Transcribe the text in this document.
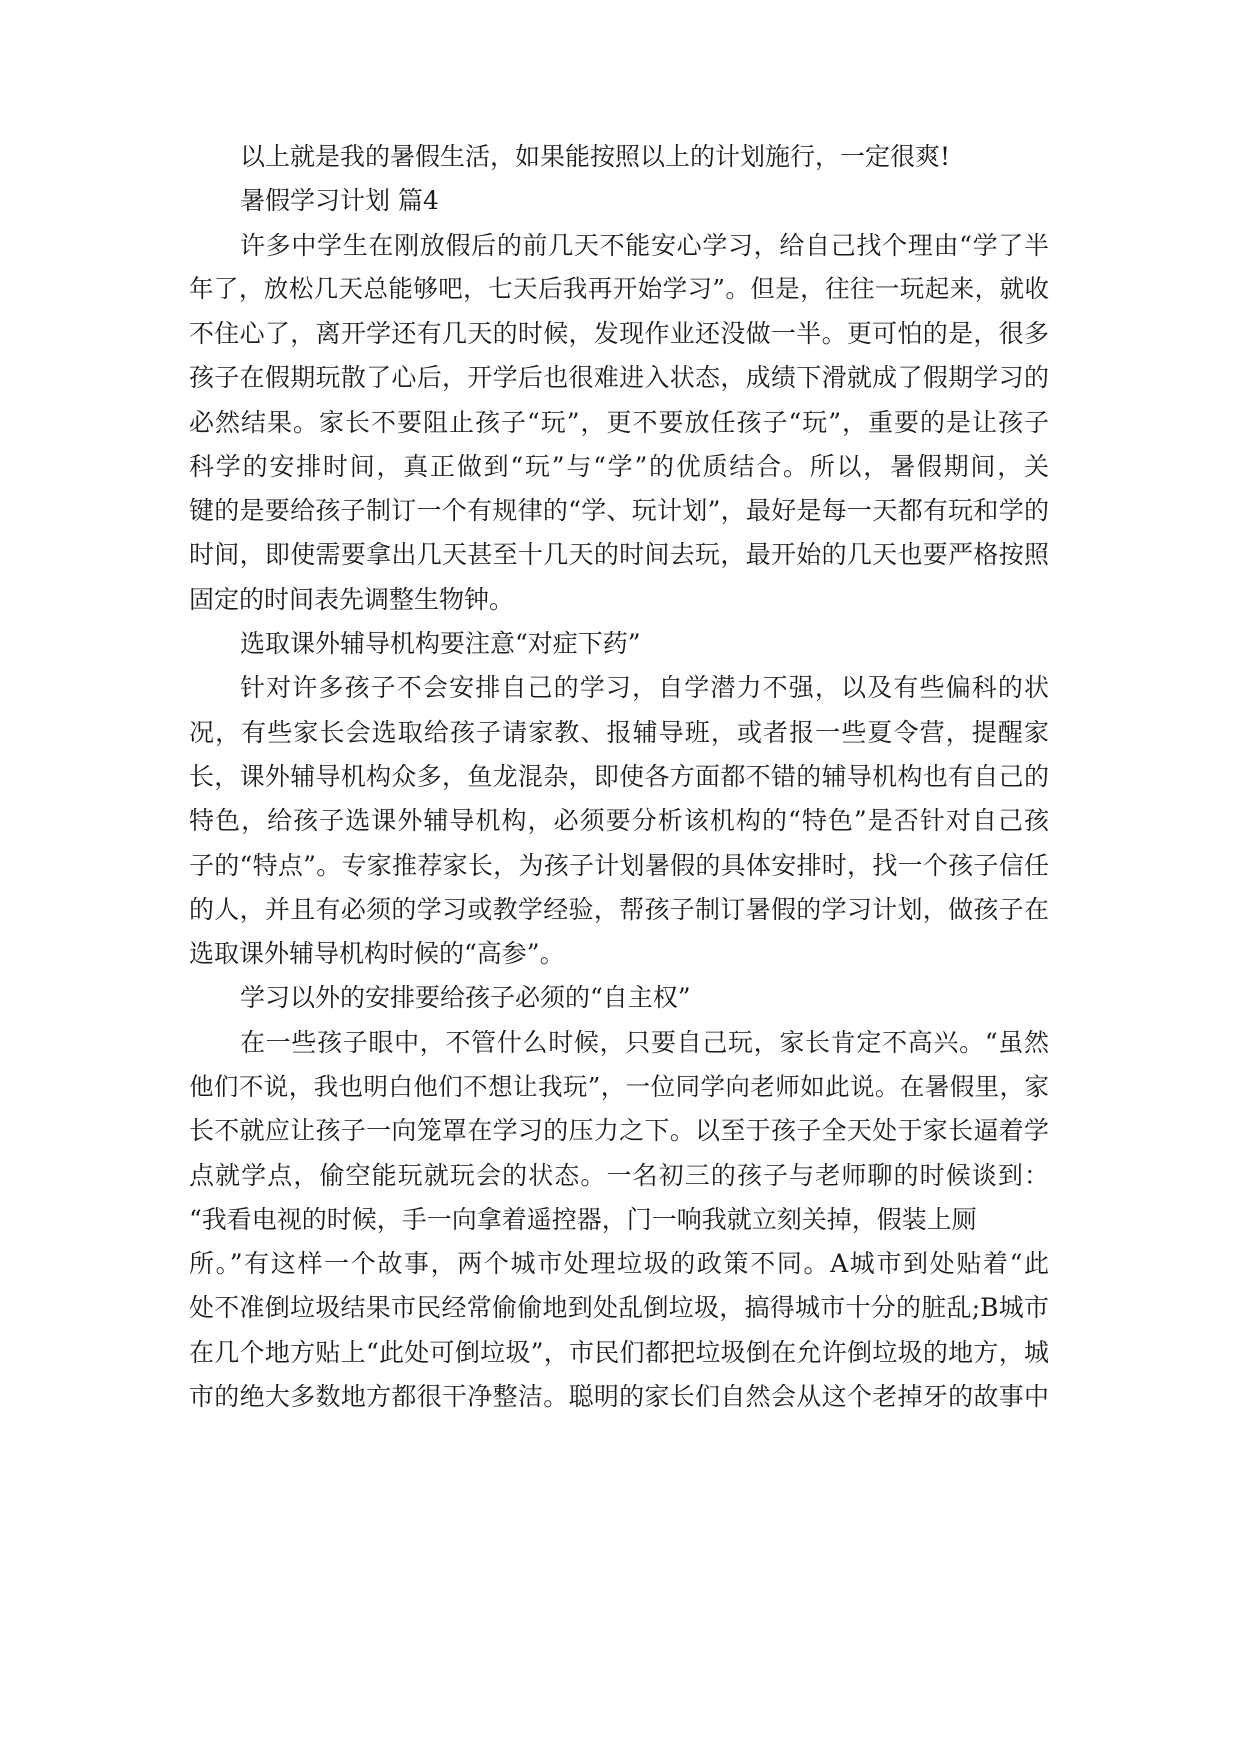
以上就是我的暑假生活，如果能按照以上的计划施行，一定很爽!
暑假学习计划 篇4
许多中学生在刚放假后的前几天不能安心学习，给自己找个理由“学了半
年了，放松几天总能够吧，七天后我再开始学习”。但是，往往一玩起来，就收
不住心了，离开学还有几天的时候，发现作业还没做一半。更可怕的是，很多
孩子在假期玩散了心后，开学后也很难进入状态，成绩下滑就成了假期学习的
必然结果。家长不要阻止孩子“玩”，更不要放任孩子“玩”，重要的是让孩子
科学的安排时间，真正做到“玩”与“学”的优质结合。所以，暑假期间，关
键的是要给孩子制订一个有规律的“学、玩计划”，最好是每一天都有玩和学的
时间，即使需要拿出几天甚至十几天的时间去玩，最开始的几天也要严格按照
固定的时间表先调整生物钟。
选取课外辅导机构要注意“对症下药”
针对许多孩子不会安排自己的学习，自学潜力不强，以及有些偏科的状
况，有些家长会选取给孩子请家教、报辅导班，或者报一些夏令营，提醒家
长，课外辅导机构众多，鱼龙混杂，即使各方面都不错的辅导机构也有自己的
特色，给孩子选课外辅导机构，必须要分析该机构的“特色”是否针对自己孩
子的“特点”。专家推荐家长，为孩子计划暑假的具体安排时，找一个孩子信任
的人，并且有必须的学习或教学经验，帮孩子制订暑假的学习计划，做孩子在
选取课外辅导机构时候的“高参”。
学习以外的安排要给孩子必须的“自主权”
在一些孩子眼中，不管什么时候，只要自己玩，家长肯定不高兴。“虽然
他们不说，我也明白他们不想让我玩”，一位同学向老师如此说。在暑假里，家
长不就应让孩子一向笼罩在学习的压力之下。以至于孩子全天处于家长逼着学
点就学点，偷空能玩就玩会的状态。一名初三的孩子与老师聊的时候谈到：
“我看电视的时候，手一向拿着遥控器，门一响我就立刻关掉，假装上厕
所。”有这样一个故事，两个城市处理垃圾的政策不同。A城市到处贴着“此
处不准倒垃圾结果市民经常偷偷地到处乱倒垃圾，搞得城市十分的脏乱;B城市
在几个地方贴上“此处可倒垃圾”，市民们都把垃圾倒在允许倒垃圾的地方，城
市的绝大多数地方都很干净整洁。聪明的家长们自然会从这个老掉牙的故事中
